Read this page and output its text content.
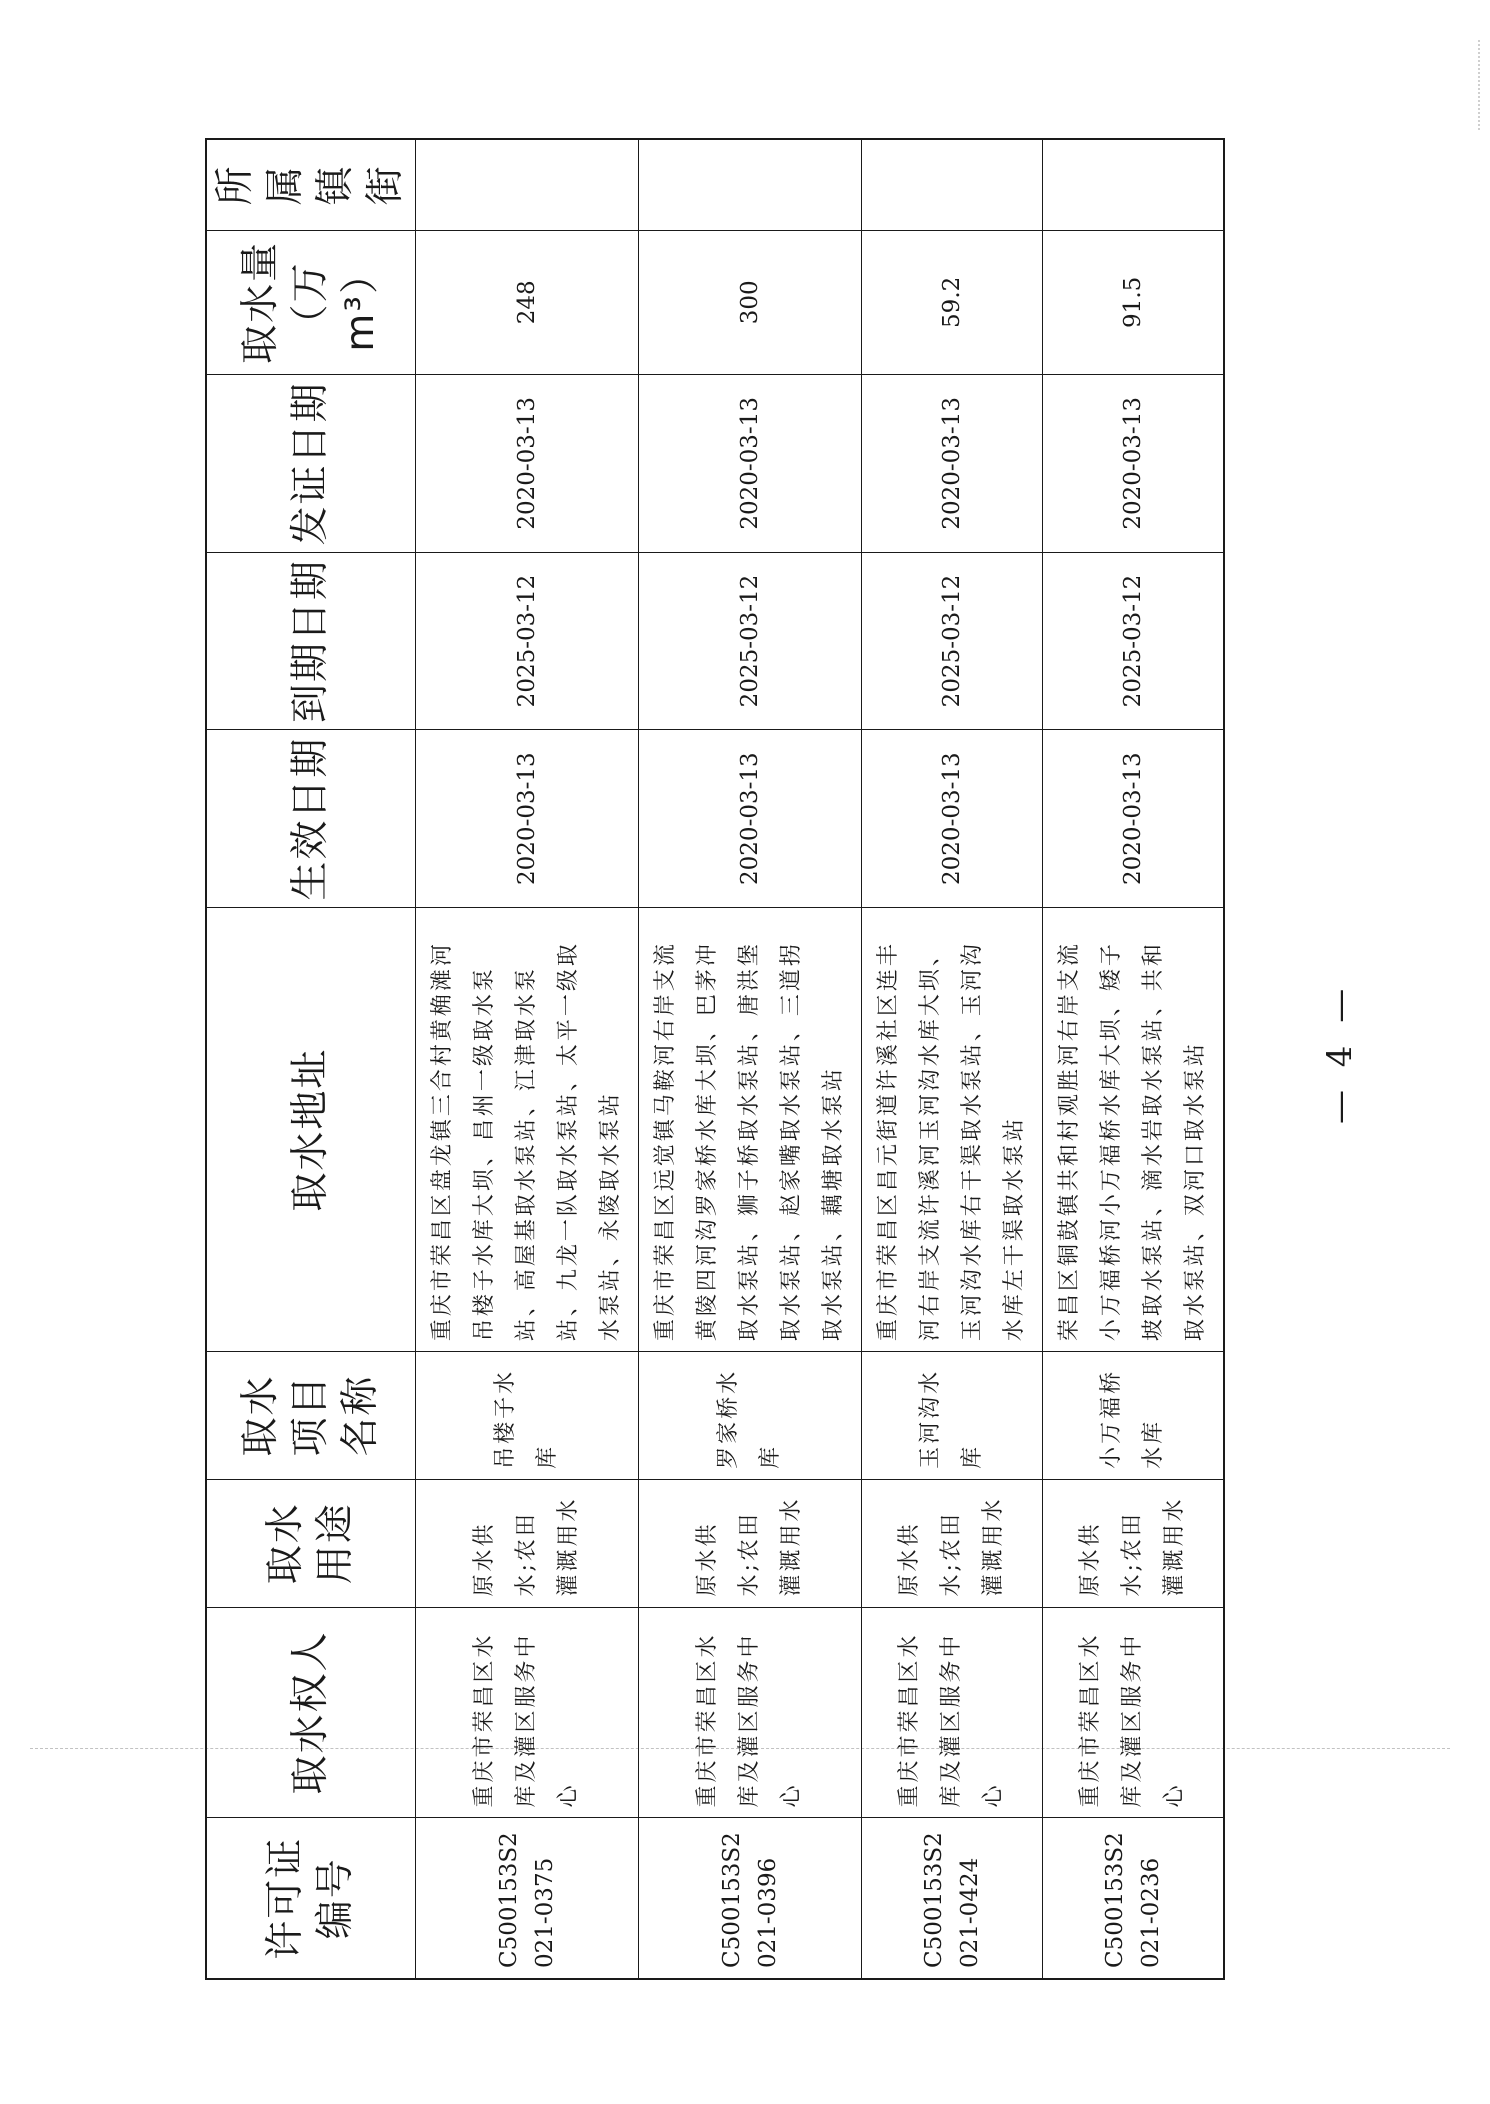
许可证编号	取水权人	取水用途	取水项目名称	取水地址	生效日期	到期日期	发证日期	取水量（万m³）	所属镇街
C500153S2021-0375	重庆市荣昌区水库及灌区服务中心	原水供水;农田灌溉用水	吊楼子水库	重庆市荣昌区盘龙镇三合村黄桷滩河吊楼子水库大坝、昌州一级取水泵站、高屋基取水泵站、江津取水泵站、九龙一队取水泵站、太平一级取水泵站、永陵取水泵站	2020-03-13	2025-03-12	2020-03-13	248	
C500153S2021-0396	重庆市荣昌区水库及灌区服务中心	原水供水;农田灌溉用水	罗家桥水库	重庆市荣昌区远觉镇马鞍河右岸支流黄陵四河沟罗家桥水库大坝、巴茅冲取水泵站、狮子桥取水泵站、唐洪堡取水泵站、赵家嘴取水泵站、三道拐取水泵站、藕塘取水泵站	2020-03-13	2025-03-12	2020-03-13	300	
C500153S2021-0424	重庆市荣昌区水库及灌区服务中心	原水供水;农田灌溉用水	玉河沟水库	重庆市荣昌区昌元街道许溪社区连丰河右岸支流许溪河玉河沟水库大坝、玉河沟水库右干渠取水泵站、玉河沟水库左干渠取水泵站	2020-03-13	2025-03-12	2020-03-13	59.2	
C500153S2021-0236	重庆市荣昌区水库及灌区服务中心	原水供水;农田灌溉用水	小万福桥水库	荣昌区铜鼓镇共和村观胜河右岸支流小万福桥河小万福桥水库大坝、矮子坡取水泵站、滴水岩取水泵站、共和取水泵站、双河口取水泵站	2020-03-13	2025-03-12	2020-03-13	91.5	
— 4 —
